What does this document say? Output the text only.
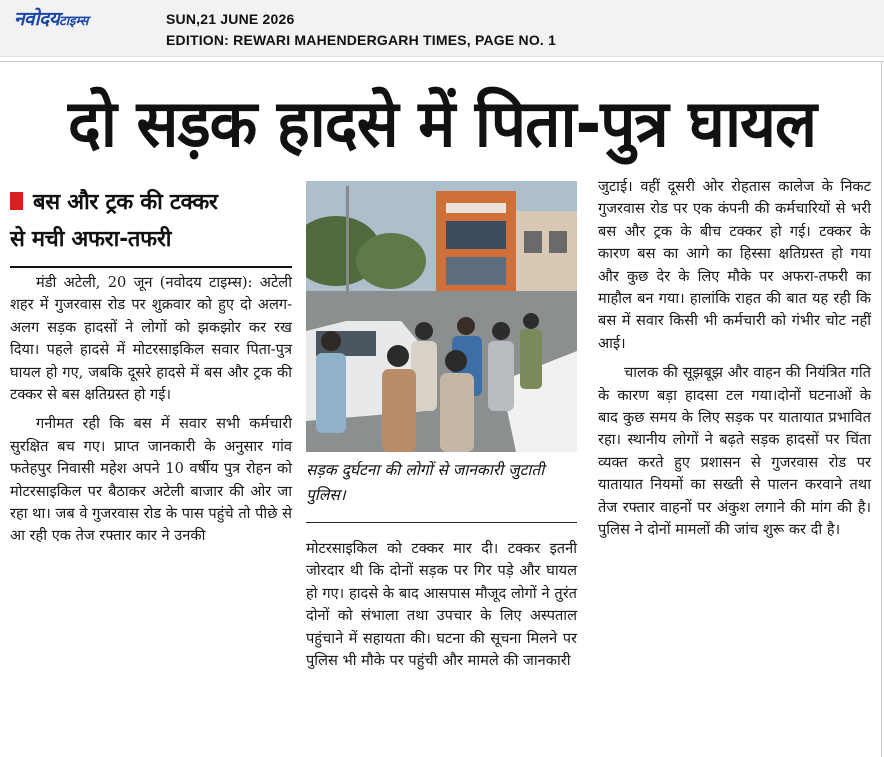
नवोदयटाइम्स	SUN,21 JUNE 2026
EDITION: REWARI MAHENDERGARH TIMES, PAGE NO. 1
दो सड़क हादसे में पिता-पुत्र घायल
बस और ट्रक की टक्कर
से मची अफरा-तफरी

मंडी अटेली, 20 जून (नवोदय टाइम्स): अटेली शहर में गुजरवास रोड पर शुक्रवार को हुए दो अलग-अलग सड़क हादसों ने लोगों को झकझोर कर रख दिया। पहले हादसे में मोटरसाइकिल सवार पिता-पुत्र घायल हो गए, जबकि दूसरे हादसे में बस और ट्रक की टक्कर से बस क्षतिग्रस्त हो गई।

गनीमत रही कि बस में सवार सभी कर्मचारी सुरक्षित बच गए। प्राप्त जानकारी के अनुसार गांव फतेहपुर निवासी महेश अपने 10 वर्षीय पुत्र रोहन को मोटरसाइकिल पर बैठाकर अटेली बाजार की ओर जा रहा था। जब वे गुजरवास रोड के पास पहुंचे तो पीछे से आ रही एक तेज रफ्तार कार ने उनकी

सड़क दुर्घटना की लोगों से जानकारी जुटाती पुलिस।

मोटरसाइकिल को टक्कर मार दी। टक्कर इतनी जोरदार थी कि दोनों सड़क पर गिर पड़े और घायल हो गए। हादसे के बाद आसपास मौजूद लोगों ने तुरंत दोनों को संभाला तथा उपचार के लिए अस्पताल पहुंचाने में सहायता की। घटना की सूचना मिलने पर पुलिस भी मौके पर पहुंची और मामले की जानकारी

जुटाई। वहीं दूसरी ओर रोहतास कालेज के निकट गुजरवास रोड पर एक कंपनी की कर्मचारियों से भरी बस और ट्रक के बीच टक्कर हो गई। टक्कर के कारण बस का आगे का हिस्सा क्षतिग्रस्त हो गया और कुछ देर के लिए मौके पर अफरा-तफरी का माहौल बन गया। हालांकि राहत की बात यह रही कि बस में सवार किसी भी कर्मचारी को गंभीर चोट नहीं आई।

चालक की सूझबूझ और वाहन की नियंत्रित गति के कारण बड़ा हादसा टल गया।दोनों घटनाओं के बाद कुछ समय के लिए सड़क पर यातायात प्रभावित रहा। स्थानीय लोगों ने बढ़ते सड़क हादसों पर चिंता व्यक्त करते हुए प्रशासन से गुजरवास रोड पर यातायात नियमों का सख्ती से पालन करवाने तथा तेज रफ्तार वाहनों पर अंकुश लगाने की मांग की है। पुलिस ने दोनों मामलों की जांच शुरू कर दी है।
